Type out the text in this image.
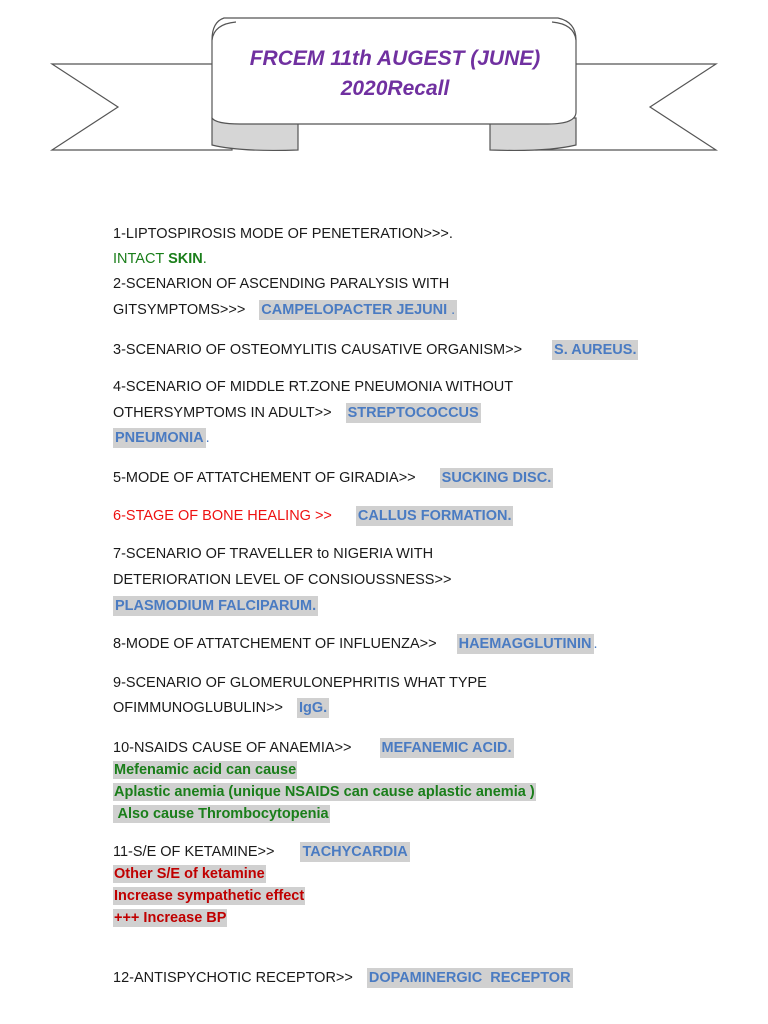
FRCEM 11th AUGEST (JUNE)
2020Recall
1-LIPTOSPIROSIS MODE OF PENETERATION>>>.
INTACT SKIN.
2-SCENARION OF ASCENDING PARALYSIS WITH
GITSYMPTOMS>>> CAMPELOPACTER JEJUNI .
3-SCENARIO OF OSTEOMYLITIS CAUSATIVE ORGANISM>> S. AUREUS.
4-SCENARIO OF MIDDLE RT.ZONE PNEUMONIA WITHOUT
OTHERSYMPTOMS IN ADULT>> STREPTOCOCCUS
PNEUMONIA .
5-MODE OF ATTATCHEMENT OF GIRADIA>> SUCKING DISC.
6-STAGE OF BONE HEALING >> CALLUS FORMATION.
7-SCENARIO OF TRAVELLER to NIGERIA WITH
DETERIORATION LEVEL OF CONSIOUSSNESS>>
PLASMODIUM FALCIPARUM.
8-MODE OF ATTATCHEMENT OF INFLUENZA>> HAEMAGGLUTININ .
9-SCENARIO OF GLOMERULONEPHRITIS WHAT TYPE
OFIMMUNOGLUBULIN>> IgG.
10-NSAIDS CAUSE OF ANAEMIA>> MEFANEMIC ACID.
Mefenamic acid can cause
Aplastic anemia (unique NSAIDS can cause aplastic anemia )
Also cause Thrombocytopenia
11-S/E OF KETAMINE>> TACHYCARDIA
Other S/E of ketamine
Increase sympathetic effect
+++ Increase BP
12-ANTISPYCHOTIC RECEPTOR>> DOPAMINERGIC  RECEPTOR
